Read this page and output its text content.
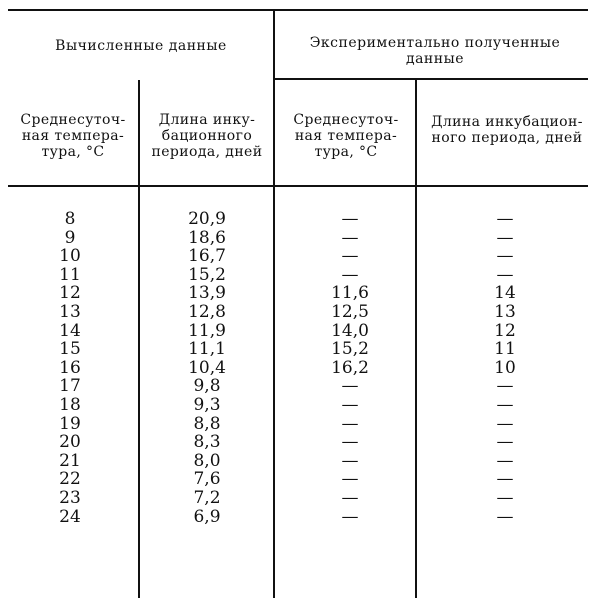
Вычисленные данные	Экспериментально полученные данные
Среднесуточ-ная темпера-тура, °С
Длина инку-бационного периода, дней
Среднесуточ-ная темпера-тура, °С
Длина инкубацион-ного периода, дней
8
9
10
11
12
13
14
15
16
17
18
19
20
21
22
23
24
20,9
18,6
16,7
15,2
13,9
12,8
11,9
11,1
10,4
9,8
9,3
8,8
8,3
8,0
7,6
7,2
6,9
—
—
—
—
11,6
12,5
14,0
15,2
16,2
—
—
—
—
—
—
—
—
—
—
—
—
14
13
12
11
10
—
—
—
—
—
—
—
—
